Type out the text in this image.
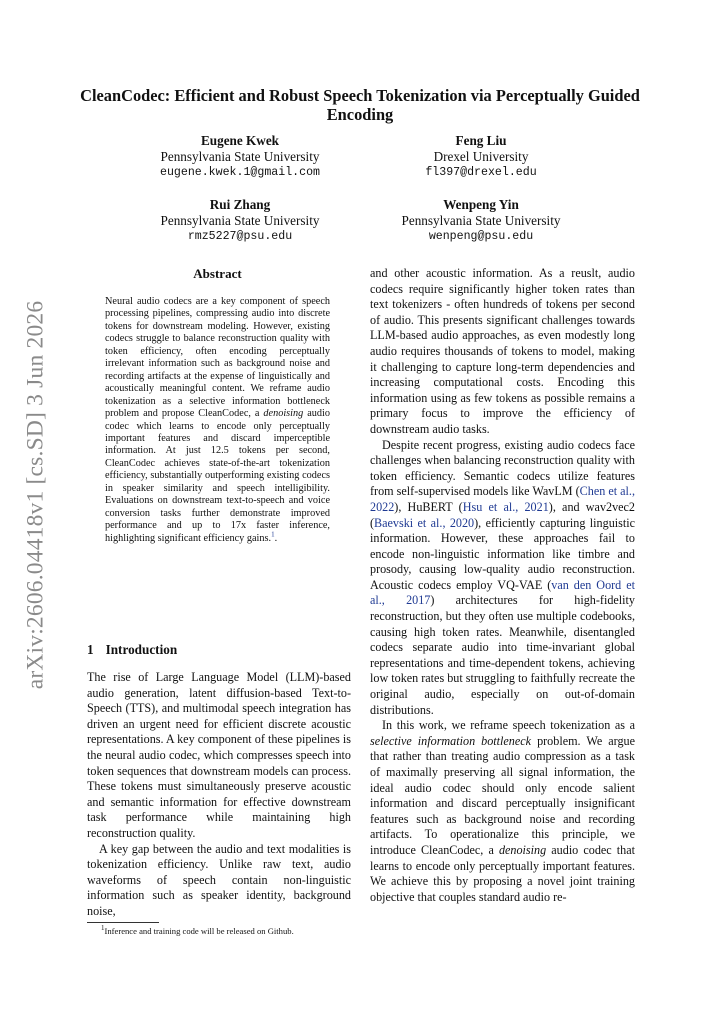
arXiv:2606.04418v1 [cs.SD] 3 Jun 2026
CleanCodec: Efficient and Robust Speech Tokenization via Perceptually Guided Encoding
Eugene Kwek
Pennsylvania State University
eugene.kwek.1@gmail.com
Feng Liu
Drexel University
fl397@drexel.edu
Rui Zhang
Pennsylvania State University
rmz5227@psu.edu
Wenpeng Yin
Pennsylvania State University
wenpeng@psu.edu
Abstract
Neural audio codecs are a key component of speech processing pipelines, compressing audio into discrete tokens for downstream modeling. However, existing codecs struggle to balance reconstruction quality with token efficiency, often encoding perceptually irrelevant information such as background noise and recording artifacts at the expense of linguistically and acoustically meaningful content. We reframe audio tokenization as a selective information bottleneck problem and propose CleanCodec, a denoising audio codec which learns to encode only perceptually important features and discard imperceptible information. At just 12.5 tokens per second, CleanCodec achieves state-of-the-art tokenization efficiency, substantially outperforming existing codecs in speaker similarity and speech intelligibility. Evaluations on downstream text-to-speech and voice conversion tasks further demonstrate improved performance and up to 17x faster inference, highlighting significant efficiency gains.$^1$.
1 Introduction

The rise of Large Language Model (LLM)-based audio generation, latent diffusion-based Text-to-Speech (TTS), and multimodal speech integration has driven an urgent need for efficient discrete acoustic representations. A key component of these pipelines is the neural audio codec, which compresses speech into token sequences that downstream models can process. These tokens must simultaneously preserve acoustic and semantic information for effective downstream task performance while maintaining high reconstruction quality.

A key gap between the audio and text modalities is tokenization efficiency. Unlike raw text, audio waveforms of speech contain non-linguistic information such as speaker identity, background noise,

and other acoustic information. As a reuslt, audio codecs require significantly higher token rates than text tokenizers - often hundreds of tokens per second of audio. This presents significant challenges towards LLM-based audio approaches, as even modestly long audio requires thousands of tokens to model, making it challenging to capture long-term dependencies and increasing computational costs. Encoding this information using as few tokens as possible remains a primary focus to improve the efficiency of downstream audio tasks.

Despite recent progress, existing audio codecs face challenges when balancing reconstruction quality with token efficiency. Semantic codecs utilize features from self-supervised models like WavLM (Chen et al., 2022), HuBERT (Hsu et al., 2021), and wav2vec2 (Baevski et al., 2020), efficiently capturing linguistic information. However, these approaches fail to encode non-linguistic information like timbre and prosody, causing low-quality audio reconstruction. Acoustic codecs employ VQ-VAE (van den Oord et al., 2017) architectures for high-fidelity reconstruction, but they often use multiple codebooks, causing high token rates. Meanwhile, disentangled codecs separate audio into time-invariant global representations and time-dependent tokens, achieving low token rates but struggling to faithfully recreate the original audio, especially on out-of-domain distributions.

In this work, we reframe speech tokenization as a selective information bottleneck problem. We argue that rather than treating audio compression as a task of maximally preserving all signal information, the ideal audio codec should only encode salient information and discard perceptually insignificant features such as background noise and recording artifacts. To operationalize this principle, we introduce CleanCodec, a denoising audio codec that learns to encode only perceptually important features. We achieve this by proposing a novel joint training objective that couples standard audio re-

$^1$Inference and training code will be released on Github.
